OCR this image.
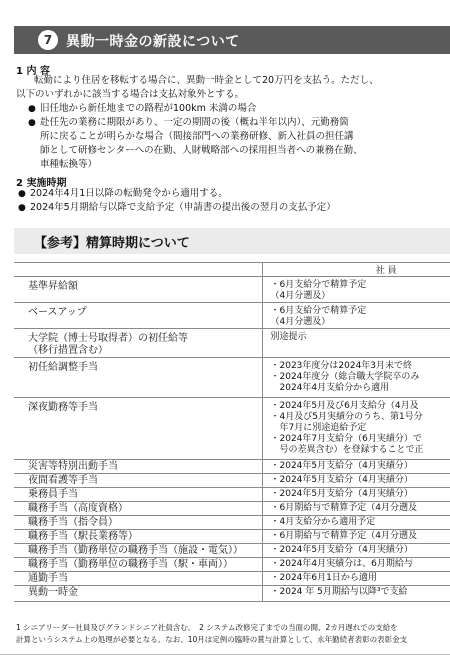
7 異動一時金の新設について
1 内 容

転勤により住居を移転する場合に、異動一時金として20万円を支払う。ただし、

以下のいずれかに該当する場合は支払対象外とする。

● 旧任地から新任地までの路程が100km 未満の場合
● 赴任先の業務に期限があり、一定の期間の後（概ね半年以内）、元勤務箇
所に戻ることが明らかな場合（間接部門への業務研修、新入社員の担任講
師として研修センターへの在勤、人財戦略部への採用担当者への兼務在勤、
車種転換等）
2 実施時期
● 2024年4月1日以降の転勤発令から適用する。
● 2024年5月期給与以降で支給予定（申請書の提出後の翌月の支払予定）
【参考】精算時期について
	社 員

基準昇給額	・6月支給分で精算予定
（4月分遡及）

ベースアップ	・6月支給分で精算予定
（4月分遡及）

大学院（博士号取得者）の初任給等
（移行措置含む）	別途提示

初任給調整手当	・2023年度分は2024年3月末で終
・2024年度分（総合職大学院卒のみ
　2024年4月支給分から適用

深夜勤務等手当	・2024年5月及び6月支給分（4月及
・4月及び5月実績分のうち、第1号分
　年7月に別途追給予定
・2024年7月支給分（6月実績分）で
　号の差異含む）を登録することで正

災害等特別出動手当	・2024年5月支給分（4月実績分）

夜間看護等手当	・2024年5月支給分（4月実績分）

乗務員手当	・2024年5月支給分（4月実績分）

職務手当（高度資格）	・6月期給与で精算予定（4月分遡及

職務手当（指令員）	・4月支給分から適用予定

職務手当（駅長業務等）	・6月期給与で精算予定（4月分遡及

職務手当（勤務単位の職務手当（施設・電気））	・2024年5月支給分（4月実績分）

職務手当（勤務単位の職務手当（駅・車両））	・2024年4月実績分は、6月期給与

通勤手当	・2024年6月1日から適用

異動一時金	・2024 年 5月期給与以降³で支給
1 シニアリーダー社員及びグランドシニア社員含む。　2 システム改修完了までの当面の間、2カ月遅れでの支給を
計算というシステム上の処理が必要となる。なお、10月は定例の臨時の賞与計算として、永年勤続者表彰の表彰金支
